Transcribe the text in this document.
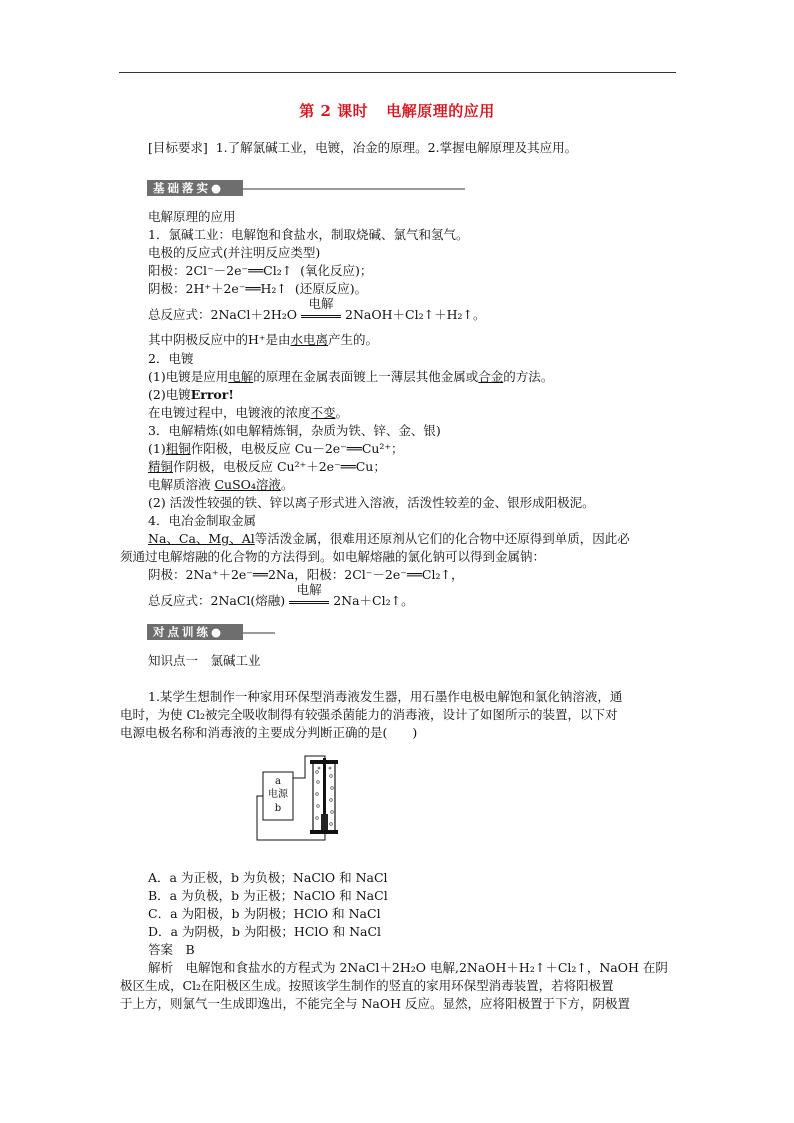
第 2 课时 电解原理的应用
[目标要求] 1.了解氯碱工业，电镀，冶金的原理。2.掌握电解原理及其应用。
基础落实●
电解原理的应用
1．氯碱工业：电解饱和食盐水，制取烧碱、氯气和氢气。
电极的反应式(并注明反应类型)
阳极：2Cl⁻－2e⁻══Cl₂↑ (氧化反应)；
阴极：2H⁺＋2e⁻══H₂↑ (还原反应)。
总反应式：2NaCl＋2H₂O
电解
2NaOH＋Cl₂↑＋H₂↑。
其中阴极反应中的H⁺是由水电离产生的。
2．电镀
(1)电镀是应用电解的原理在金属表面镀上一薄层其他金属或合金的方法。
(2)电镀Error!
在电镀过程中，电镀液的浓度不变。
3．电解精炼(如电解精炼铜，杂质为铁、锌、金、银)
(1)粗铜作阳极，电极反应 Cu－2e⁻══Cu²⁺；
精铜作阴极，电极反应 Cu²⁺＋2e⁻══Cu；
电解质溶液 CuSO₄溶液。
(2) 活泼性较强的铁、锌以离子形式进入溶液，活泼性较差的金、银形成阳极泥。
4．电冶金制取金属
Na、Ca、Mg、Al等活泼金属，很难用还原剂从它们的化合物中还原得到单质，因此必
须通过电解熔融的化合物的方法得到。如电解熔融的氯化钠可以得到金属钠：
阴极：2Na⁺＋2e⁻══2Na，阳极：2Cl⁻－2e⁻══Cl₂↑，
总反应式：2NaCl(熔融)
电解
2Na＋Cl₂↑。
对点训练●
知识点一　氯碱工业
1.某学生想制作一种家用环保型消毒液发生器，用石墨作电极电解饱和氯化钠溶液，通
电时，为使 Cl₂被完全吸收制得有较强杀菌能力的消毒液，设计了如图所示的装置，以下对
电源电极名称和消毒液的主要成分判断正确的是(　　)
a
电源
b
A．a 为正极，b 为负极；NaClO 和 NaCl
B．a 为负极，b 为正极；NaClO 和 NaCl
C．a 为阳极，b 为阴极；HClO 和 NaCl
D．a 为阴极，b 为阳极；HClO 和 NaCl
答案　B
解析　电解饱和食盐水的方程式为 2NaCl＋2H₂O 电解,2NaOH＋H₂↑＋Cl₂↑，NaOH 在阴
极区生成，Cl₂在阳极区生成。按照该学生制作的竖直的家用环保型消毒装置，若将阳极置
于上方，则氯气一生成即逸出，不能完全与 NaOH 反应。显然，应将阳极置于下方，阴极置
